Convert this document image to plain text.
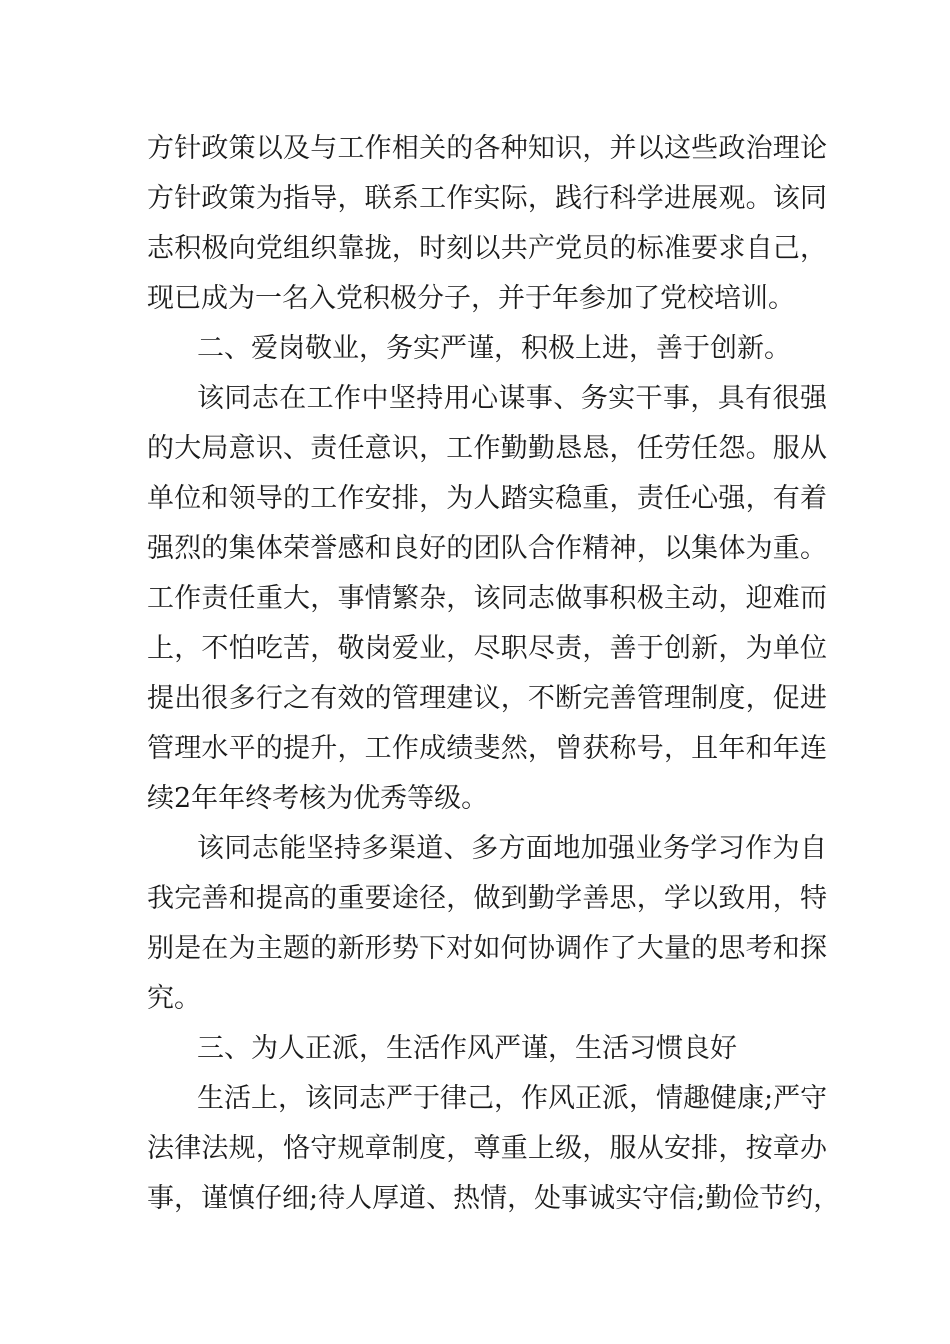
方针政策以及与工作相关的各种知识，并以这些政治理论
方针政策为指导，联系工作实际，践行科学进展观。该同
志积极向党组织靠拢，时刻以共产党员的标准要求自己，
现已成为一名入党积极分子，并于年参加了党校培训。
二、爱岗敬业，务实严谨，积极上进，善于创新。
该同志在工作中坚持用心谋事、务实干事，具有很强
的大局意识、责任意识，工作勤勤恳恳，任劳任怨。服从
单位和领导的工作安排，为人踏实稳重，责任心强，有着
强烈的集体荣誉感和良好的团队合作精神，以集体为重。
工作责任重大，事情繁杂，该同志做事积极主动，迎难而
上，不怕吃苦，敬岗爱业，尽职尽责，善于创新，为单位
提出很多行之有效的管理建议，不断完善管理制度，促进
管理水平的提升，工作成绩斐然，曾获称号，且年和年连
续2年年终考核为优秀等级。
该同志能坚持多渠道、多方面地加强业务学习作为自
我完善和提高的重要途径，做到勤学善思，学以致用，特
别是在为主题的新形势下对如何协调作了大量的思考和探
究。
三、为人正派，生活作风严谨，生活习惯良好
生活上，该同志严于律己，作风正派，情趣健康;严守
法律法规，恪守规章制度，尊重上级，服从安排，按章办
事，谨慎仔细;待人厚道、热情，处事诚实守信;勤俭节约，
